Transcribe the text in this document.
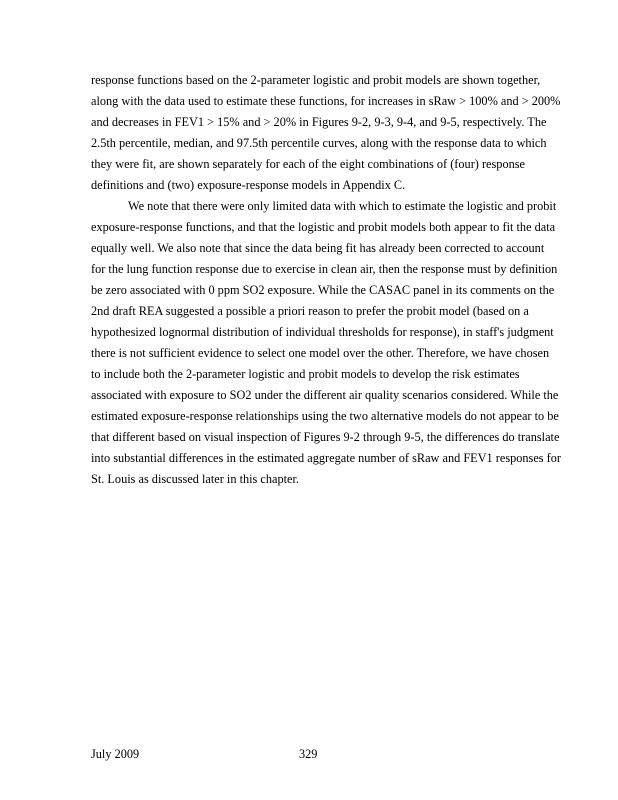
response functions based on the 2-parameter logistic and probit models are shown together, along with the data used to estimate these functions, for increases in sRaw > 100% and > 200% and decreases in FEV1 > 15% and > 20% in Figures 9-2, 9-3, 9-4, and 9-5, respectively. The 2.5th percentile, median, and 97.5th percentile curves, along with the response data to which they were fit, are shown separately for each of the eight combinations of (four) response definitions and (two) exposure-response models in Appendix C.

We note that there were only limited data with which to estimate the logistic and probit exposure-response functions, and that the logistic and probit models both appear to fit the data equally well. We also note that since the data being fit has already been corrected to account for the lung function response due to exercise in clean air, then the response must by definition be zero associated with 0 ppm SO2 exposure. While the CASAC panel in its comments on the 2nd draft REA suggested a possible a priori reason to prefer the probit model (based on a hypothesized lognormal distribution of individual thresholds for response), in staff's judgment there is not sufficient evidence to select one model over the other. Therefore, we have chosen to include both the 2-parameter logistic and probit models to develop the risk estimates associated with exposure to SO2 under the different air quality scenarios considered. While the estimated exposure-response relationships using the two alternative models do not appear to be that different based on visual inspection of Figures 9-2 through 9-5, the differences do translate into substantial differences in the estimated aggregate number of sRaw and FEV1 responses for St. Louis as discussed later in this chapter.

July 2009	329
